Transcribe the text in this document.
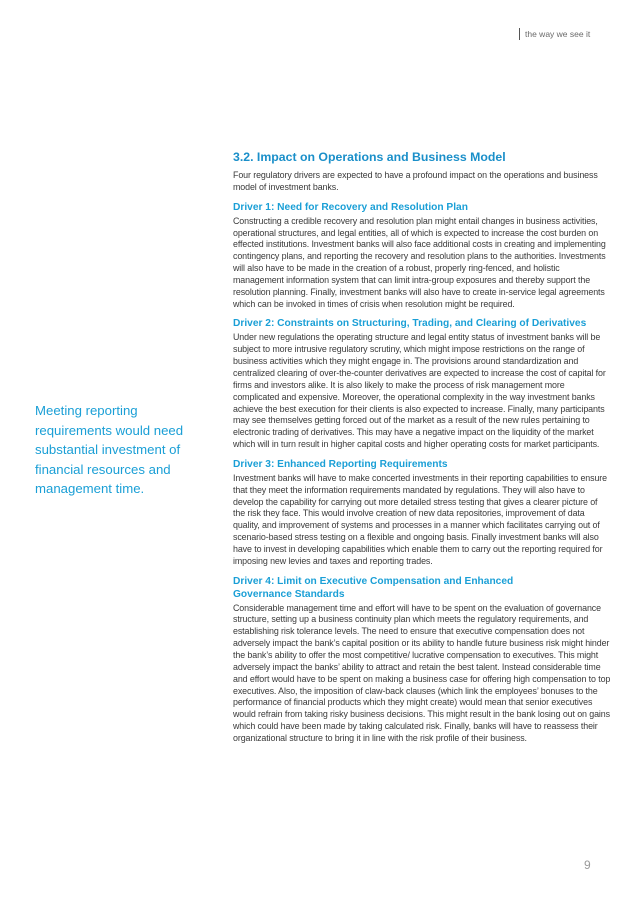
the way we see it
Meeting reporting requirements would need substantial investment of financial resources and management time.
3.2. Impact on Operations and Business Model

Four regulatory drivers are expected to have a profound impact on the operations and business model of investment banks.

Driver 1: Need for Recovery and Resolution Plan

Constructing a credible recovery and resolution plan might entail changes in business activities, operational structures, and legal entities, all of which is expected to increase the cost burden on effected institutions. Investment banks will also face additional costs in creating and implementing contingency plans, and reporting the recovery and resolution plans to the authorities. Investments will also have to be made in the creation of a robust, properly ring-fenced, and holistic management information system that can limit intra-group exposures and thereby support the resolution planning. Finally, investment banks will also have to create in-service legal agreements which can be invoked in times of crisis when resolution might be required.

Driver 2: Constraints on Structuring, Trading, and Clearing of Derivatives

Under new regulations the operating structure and legal entity status of investment banks will be subject to more intrusive regulatory scrutiny, which might impose restrictions on the range of business activities which they might engage in. The provisions around standardization and centralized clearing of over-the-counter derivatives are expected to increase the cost of capital for firms and investors alike. It is also likely to make the process of risk management more complicated and expensive. Moreover, the operational complexity in the way investment banks achieve the best execution for their clients is also expected to increase. Finally, many participants may see themselves getting forced out of the market as a result of the new rules pertaining to electronic trading of derivatives. This may have a negative impact on the liquidity of the market which will in turn result in higher capital costs and higher operating costs for market participants.

Driver 3: Enhanced Reporting Requirements

Investment banks will have to make concerted investments in their reporting capabilities to ensure that they meet the information requirements mandated by regulations. They will also have to develop the capability for carrying out more detailed stress testing that gives a clearer picture of the risk they face. This would involve creation of new data repositories, improvement of data quality, and improvement of systems and processes in a manner which facilitates carrying out of scenario-based stress testing on a flexible and ongoing basis. Finally investment banks will also have to invest in developing capabilities which enable them to carry out the reporting required for imposing new levies and taxes and reporting trades.

Driver 4: Limit on Executive Compensation and Enhanced Governance Standards

Considerable management time and effort will have to be spent on the evaluation of governance structure, setting up a business continuity plan which meets the regulatory requirements, and establishing risk tolerance levels. The need to ensure that executive compensation does not adversely impact the bank’s capital position or its ability to handle future business risk might hinder the bank’s ability to offer the most competitive/ lucrative compensation to executives. This might adversely impact the banks’ ability to attract and retain the best talent. Instead considerable time and effort would have to be spent on making a business case for offering high compensation to top executives. Also, the imposition of claw-back clauses (which link the employees’ bonuses to the performance of financial products which they might create) would mean that senior executives would refrain from taking risky business decisions. This might result in the bank losing out on gains which could have been made by taking calculated risk. Finally, banks will have to reassess their organizational structure to bring it in line with the risk profile of their business.

9
